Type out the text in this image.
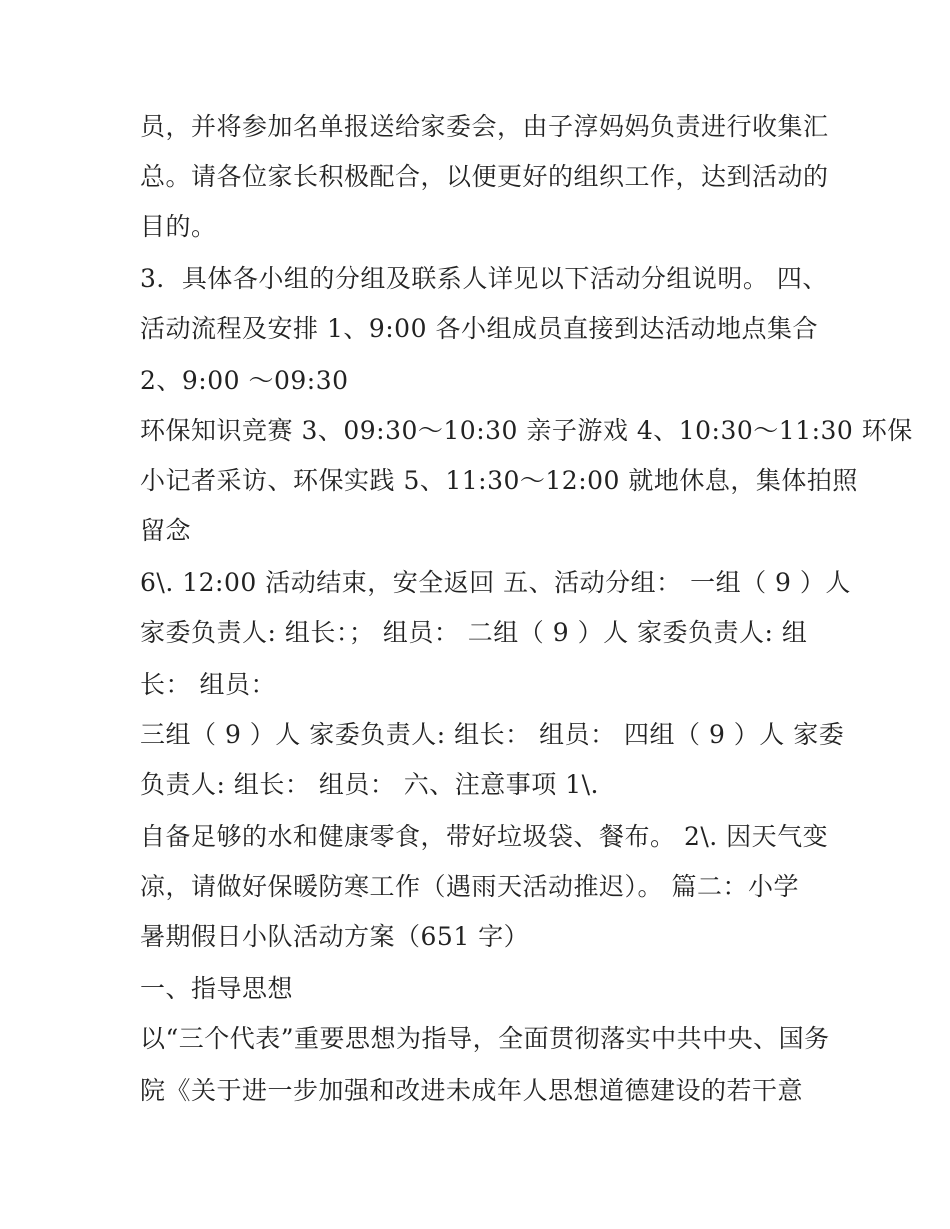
员，并将参加名单报送给家委会，由子淳妈妈负责进行收集汇
总。请各位家长积极配合，以便更好的组织工作，达到活动的
目的。
3．具体各小组的分组及联系人详见以下活动分组说明。 四、
活动流程及安排 1、9:00 各小组成员直接到达活动地点集合
2、9:00 ～09:30
环保知识竞赛 3、09:30～10:30 亲子游戏 4、10:30～11:30 环保
小记者采访、环保实践 5、11:30～12:00 就地休息，集体拍照
留念
6\. 12:00 活动结束，安全返回 五、活动分组： 一组（ 9 ）人
家委负责人: 组长：； 组员： 二组（ 9 ）人 家委负责人: 组
长： 组员：
三组（ 9 ）人 家委负责人: 组长： 组员： 四组（ 9 ）人 家委
负责人: 组长： 组员： 六、注意事项 1\.
自备足够的水和健康零食，带好垃圾袋、餐布。 2\. 因天气变
凉，请做好保暖防寒工作（遇雨天活动推迟）。 篇二：小学
暑期假日小队活动方案（651 字）
一、指导思想
以“三个代表”重要思想为指导，全面贯彻落实中共中央、国务
院《关于进一步加强和改进未成年人思想道德建设的若干意
